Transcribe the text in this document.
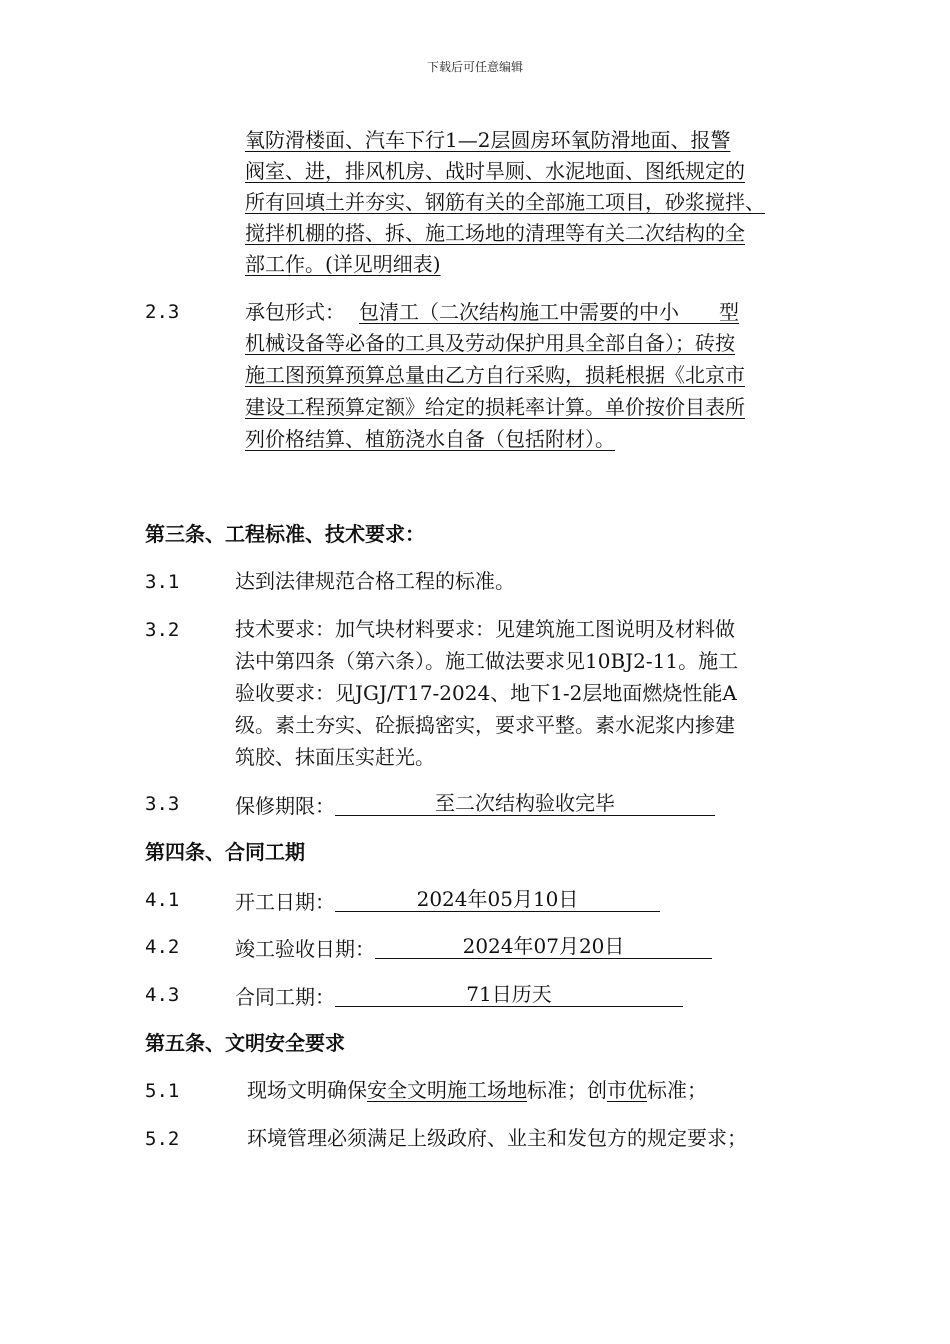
下载后可任意编辑
氧防滑楼面、汽车下行1—2层圆房环氧防滑地面、报警
阀室、进，排风机房、战时旱厕、水泥地面、图纸规定的
所有回填土并夯实、钢筋有关的全部施工项目，砂浆搅拌、
搅拌机棚的搭、拆、施工场地的清理等有关二次结构的全
部工作。(详见明细表)
2.3	承包形式： 包清工（二次结构施工中需要的中小　　型
机械设备等必备的工具及劳动保护用具全部自备）；砖按
施工图预算预算总量由乙方自行采购，损耗根据《北京市
建设工程预算定额》给定的损耗率计算。单价按价目表所
列价格结算、植筋浇水自备（包括附材）。
第三条、工程标准、技术要求：
3.1	达到法律规范合格工程的标准。
3.2	技术要求：加气块材料要求：见建筑施工图说明及材料做
法中第四条（第六条）。施工做法要求见10BJ2-11。施工
验收要求：见JGJ/T17-2024、地下1-2层地面燃烧性能A
级。素土夯实、砼振捣密实，要求平整。素水泥浆内掺建
筑胶、抹面压实赶光。
3.3	保修期限：	至二次结构验收完毕
第四条、合同工期
4.1	开工日期：	2024年05月10日
4.2	竣工验收日期：	2024年07月20日
4.3	合同工期：	71日历天
第五条、文明安全要求
5.1	现场文明确保安全文明施工场地标准；创市优标准；
5.2	环境管理必须满足上级政府、业主和发包方的规定要求；
